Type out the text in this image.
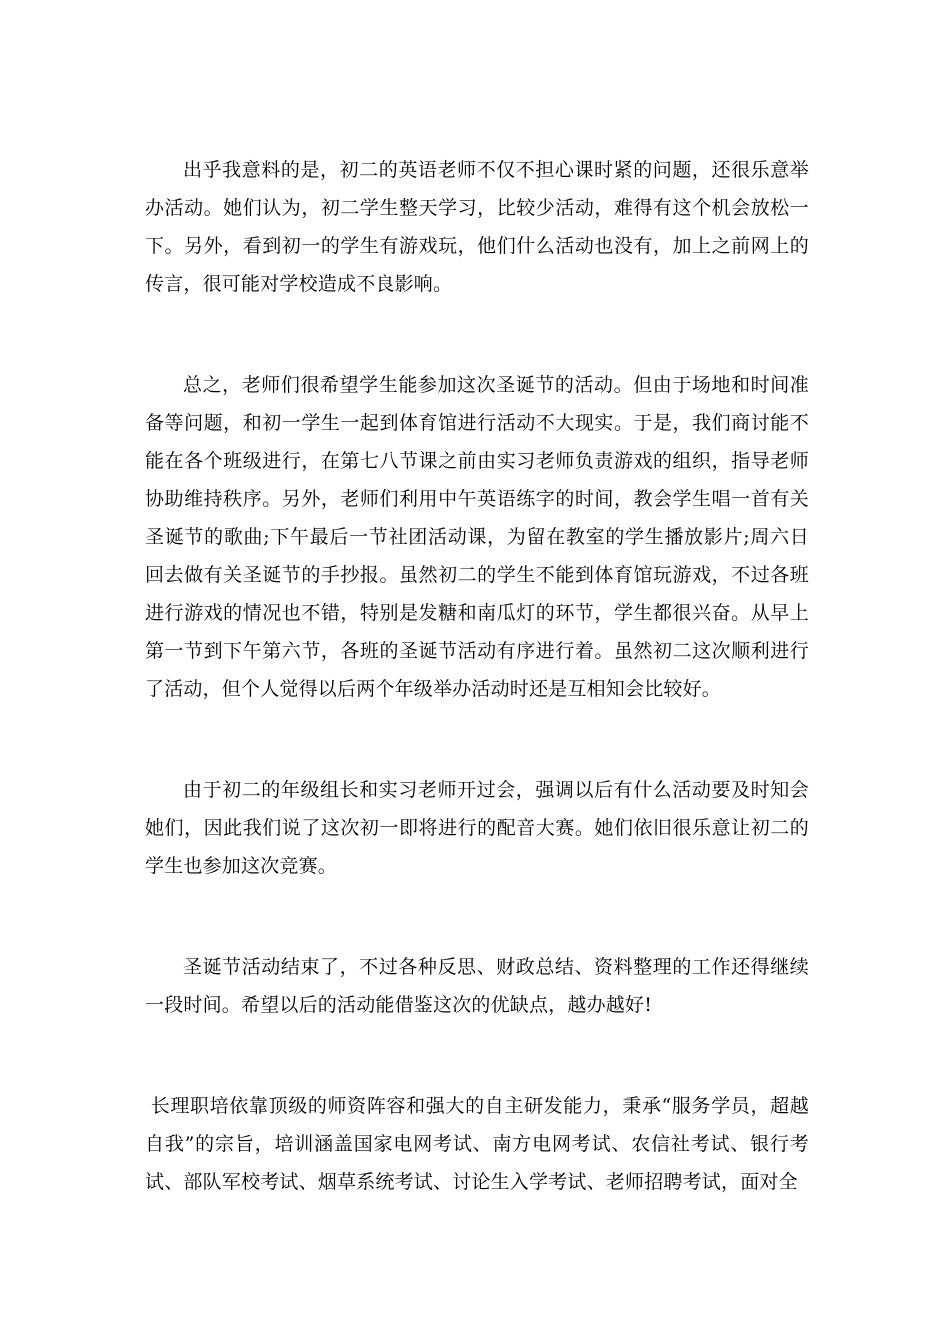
出乎我意料的是，初二的英语老师不仅不担心课时紧的问题，还很乐意举办活动。她们认为，初二学生整天学习，比较少活动，难得有这个机会放松一下。另外，看到初一的学生有游戏玩，他们什么活动也没有，加上之前网上的传言，很可能对学校造成不良影响。

总之，老师们很希望学生能参加这次圣诞节的活动。但由于场地和时间准备等问题，和初一学生一起到体育馆进行活动不大现实。于是，我们商讨能不能在各个班级进行，在第七八节课之前由实习老师负责游戏的组织，指导老师协助维持秩序。另外，老师们利用中午英语练字的时间，教会学生唱一首有关圣诞节的歌曲;下午最后一节社团活动课，为留在教室的学生播放影片;周六日回去做有关圣诞节的手抄报。虽然初二的学生不能到体育馆玩游戏，不过各班进行游戏的情况也不错，特别是发糖和南瓜灯的环节，学生都很兴奋。从早上第一节到下午第六节，各班的圣诞节活动有序进行着。虽然初二这次顺利进行了活动，但个人觉得以后两个年级举办活动时还是互相知会比较好。

由于初二的年级组长和实习老师开过会，强调以后有什么活动要及时知会她们，因此我们说了这次初一即将进行的配音大赛。她们依旧很乐意让初二的学生也参加这次竞赛。

圣诞节活动结束了，不过各种反思、财政总结、资料整理的工作还得继续一段时间。希望以后的活动能借鉴这次的优缺点，越办越好!

长理职培依靠顶级的师资阵容和强大的自主研发能力，秉承“服务学员，超越自我”的宗旨，培训涵盖国家电网考试、南方电网考试、农信社考试、银行考试、部队军校考试、烟草系统考试、讨论生入学考试、老师招聘考试，面对全
